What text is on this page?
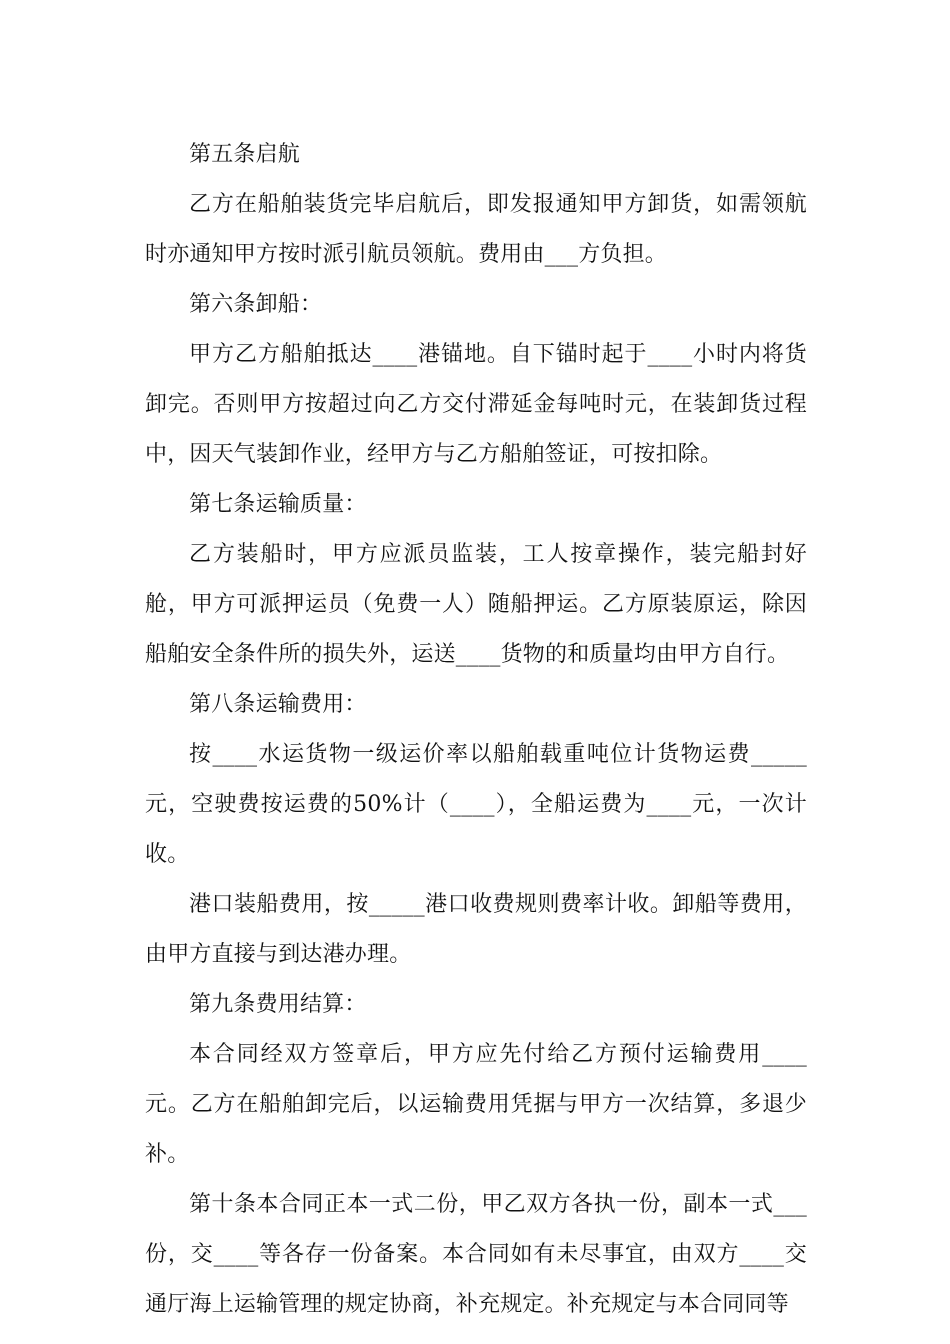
第五条启航

乙方在船舶装货完毕启航后，即发报通知甲方卸货，如需领航时亦通知甲方按时派引航员领航。费用由___方负担。

第六条卸船：

甲方乙方船舶抵达____港锚地。自下锚时起于____小时内将货卸完。否则甲方按超过向乙方交付滞延金每吨时元，在装卸货过程中，因天气装卸作业，经甲方与乙方船舶签证，可按扣除。

第七条运输质量：

乙方装船时，甲方应派员监装，工人按章操作，装完船封好舱，甲方可派押运员（免费一人）随船押运。乙方原装原运，除因船舶安全条件所的损失外，运送____货物的和质量均由甲方自行。

第八条运输费用：

按____水运货物一级运价率以船舶载重吨位计货物运费_____元，空驶费按运费的50%计（____），全船运费为____元，一次计收。

港口装船费用，按_____港口收费规则费率计收。卸船等费用，由甲方直接与到达港办理。

第九条费用结算：

本合同经双方签章后，甲方应先付给乙方预付运输费用____元。乙方在船舶卸完后，以运输费用凭据与甲方一次结算，多退少补。

第十条本合同正本一式二份，甲乙双方各执一份，副本一式___份，交____等各存一份备案。本合同如有未尽事宜，由双方____交通厅海上运输管理的规定协商，补充规定。补充规定与本合同同等
